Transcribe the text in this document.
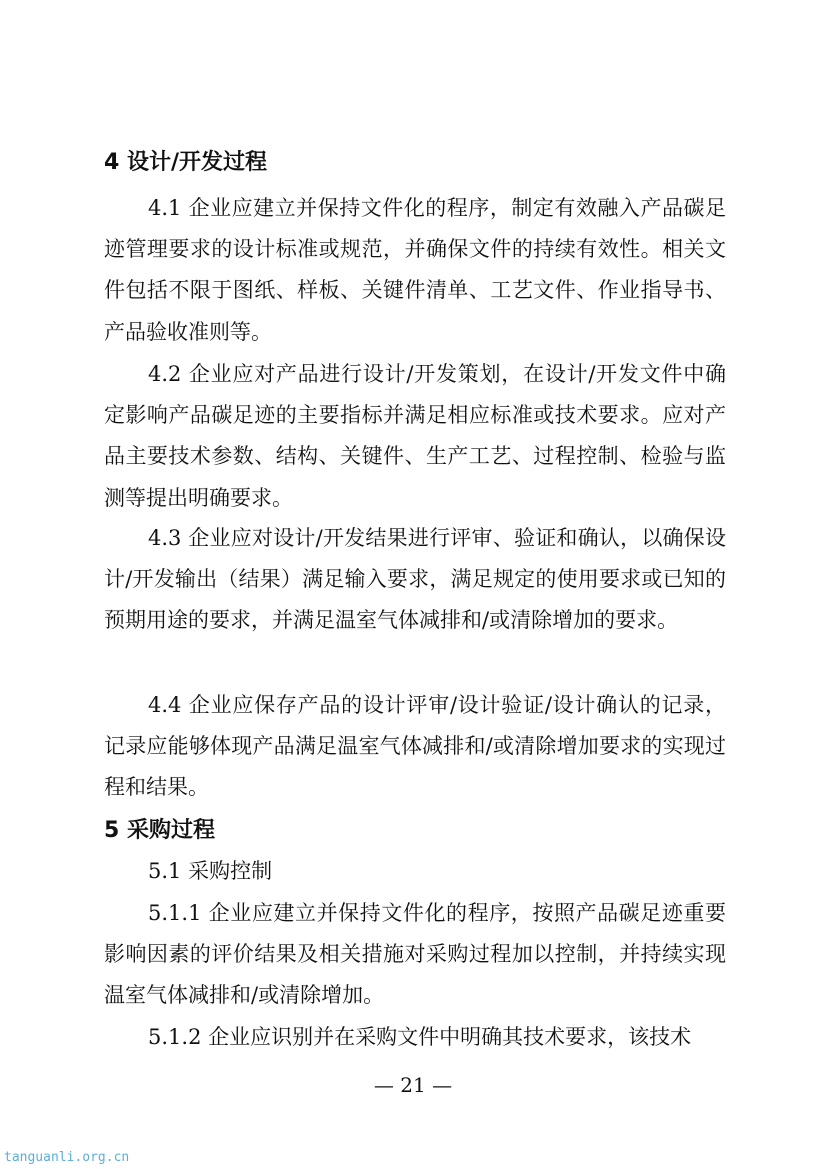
4 设计/开发过程

4.1 企业应建立并保持文件化的程序，制定有效融入产品碳足迹管理要求的设计标准或规范，并确保文件的持续有效性。相关文件包括不限于图纸、样板、关键件清单、工艺文件、作业指导书、产品验收准则等。

4.2 企业应对产品进行设计/开发策划，在设计/开发文件中确定影响产品碳足迹的主要指标并满足相应标准或技术要求。应对产品主要技术参数、结构、关键件、生产工艺、过程控制、检验与监测等提出明确要求。

4.3 企业应对设计/开发结果进行评审、验证和确认，以确保设计/开发输出（结果）满足输入要求，满足规定的使用要求或已知的预期用途的要求，并满足温室气体减排和/或清除增加的要求。

4.4 企业应保存产品的设计评审/设计验证/设计确认的记录，记录应能够体现产品满足温室气体减排和/或清除增加要求的实现过程和结果。

5 采购过程
5.1 采购控制

5.1.1 企业应建立并保持文件化的程序，按照产品碳足迹重要影响因素的评价结果及相关措施对采购过程加以控制，并持续实现温室气体减排和/或清除增加。

5.1.2 企业应识别并在采购文件中明确其技术要求，该技术

— 21 —
tanguanli.org.cn
